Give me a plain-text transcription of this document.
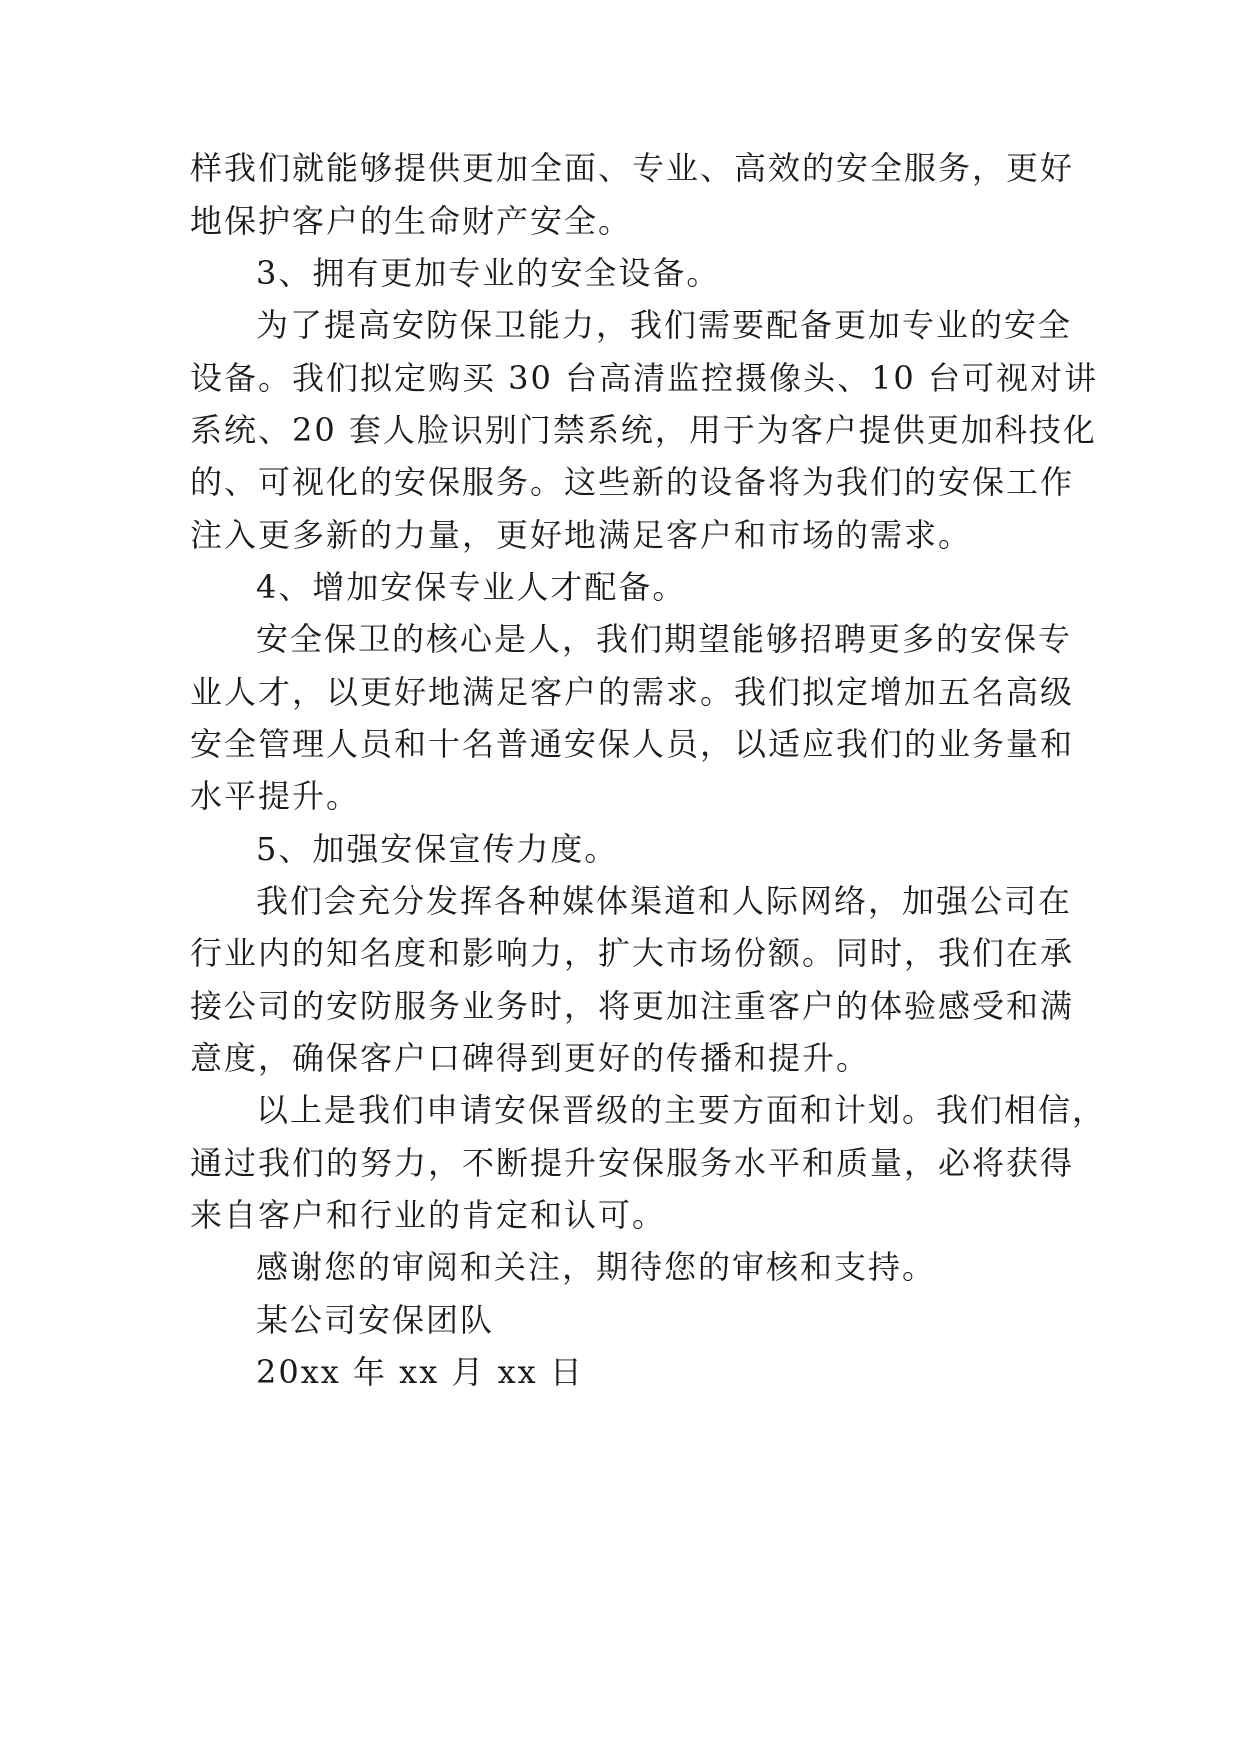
样我们就能够提供更加全面、专业、高效的安全服务，更好
地保护客户的生命财产安全。
3、拥有更加专业的安全设备。
为了提高安防保卫能力，我们需要配备更加专业的安全
设备。我们拟定购买 30 台高清监控摄像头、10 台可视对讲
系统、20 套人脸识别门禁系统，用于为客户提供更加科技化
的、可视化的安保服务。这些新的设备将为我们的安保工作
注入更多新的力量，更好地满足客户和市场的需求。
4、增加安保专业人才配备。
安全保卫的核心是人，我们期望能够招聘更多的安保专
业人才，以更好地满足客户的需求。我们拟定增加五名高级
安全管理人员和十名普通安保人员，以适应我们的业务量和
水平提升。
5、加强安保宣传力度。
我们会充分发挥各种媒体渠道和人际网络，加强公司在
行业内的知名度和影响力，扩大市场份额。同时，我们在承
接公司的安防服务业务时，将更加注重客户的体验感受和满
意度，确保客户口碑得到更好的传播和提升。
以上是我们申请安保晋级的主要方面和计划。我们相信，
通过我们的努力，不断提升安保服务水平和质量，必将获得
来自客户和行业的肯定和认可。
感谢您的审阅和关注，期待您的审核和支持。
某公司安保团队
20xx 年 xx 月 xx 日
